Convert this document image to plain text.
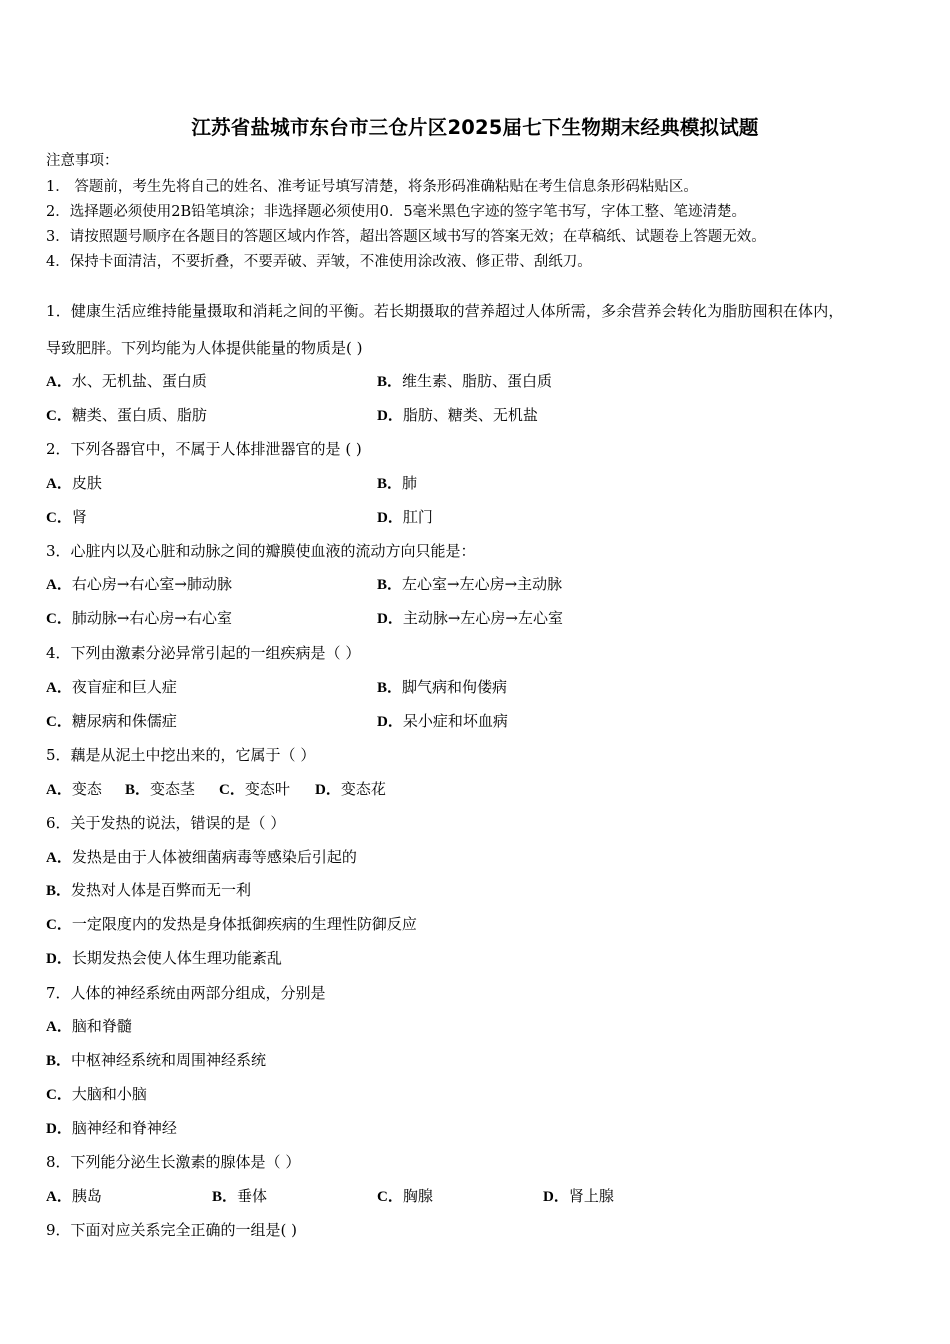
江苏省盐城市东台市三仓片区2025届七下生物期末经典模拟试题
注意事项：
1． 答题前，考生先将自己的姓名、准考证号填写清楚，将条形码准确粘贴在考生信息条形码粘贴区。
2．选择题必须使用2B铅笔填涂；非选择题必须使用0．5毫米黑色字迹的签字笔书写，字体工整、笔迹清楚。
3．请按照题号顺序在各题目的答题区域内作答，超出答题区域书写的答案无效；在草稿纸、试题卷上答题无效。
4．保持卡面清洁，不要折叠，不要弄破、弄皱，不准使用涂改液、修正带、刮纸刀。
1．健康生活应维持能量摄取和消耗之间的平衡。若长期摄取的营养超过人体所需，多余营养会转化为脂肪囤积在体内，
导致肥胖。下列均能为人体提供能量的物质是( )
A．水、无机盐、蛋白质	B．维生素、脂肪、蛋白质
C．糖类、蛋白质、脂肪	D．脂肪、糖类、无机盐
2．下列各器官中，不属于人体排泄器官的是 ( )
A．皮肤	B．肺
C．肾	D．肛门
3．心脏内以及心脏和动脉之间的瓣膜使血液的流动方向只能是：
A．右心房→右心室→肺动脉	B．左心室→左心房→主动脉
C．肺动脉→右心房→右心室	D．主动脉→左心房→左心室
4．下列由激素分泌异常引起的一组疾病是（ ）
A．夜盲症和巨人症	B．脚气病和佝偻病
C．糖尿病和侏儒症	D．呆小症和坏血病
5．藕是从泥土中挖出来的，它属于（ ）
A．变态 B．变态茎 C．变态叶 D．变态花
6．关于发热的说法，错误的是（ ）
A．发热是由于人体被细菌病毒等感染后引起的
B．发热对人体是百弊而无一利
C．一定限度内的发热是身体抵御疾病的生理性防御反应
D．长期发热会使人体生理功能紊乱
7．人体的神经系统由两部分组成，分别是
A．脑和脊髓
B．中枢神经系统和周围神经系统
C．大脑和小脑
D．脑神经和脊神经
8．下列能分泌生长激素的腺体是（ ）
A．胰岛	B．垂体	C．胸腺	D．肾上腺
9．下面对应关系完全正确的一组是( )
